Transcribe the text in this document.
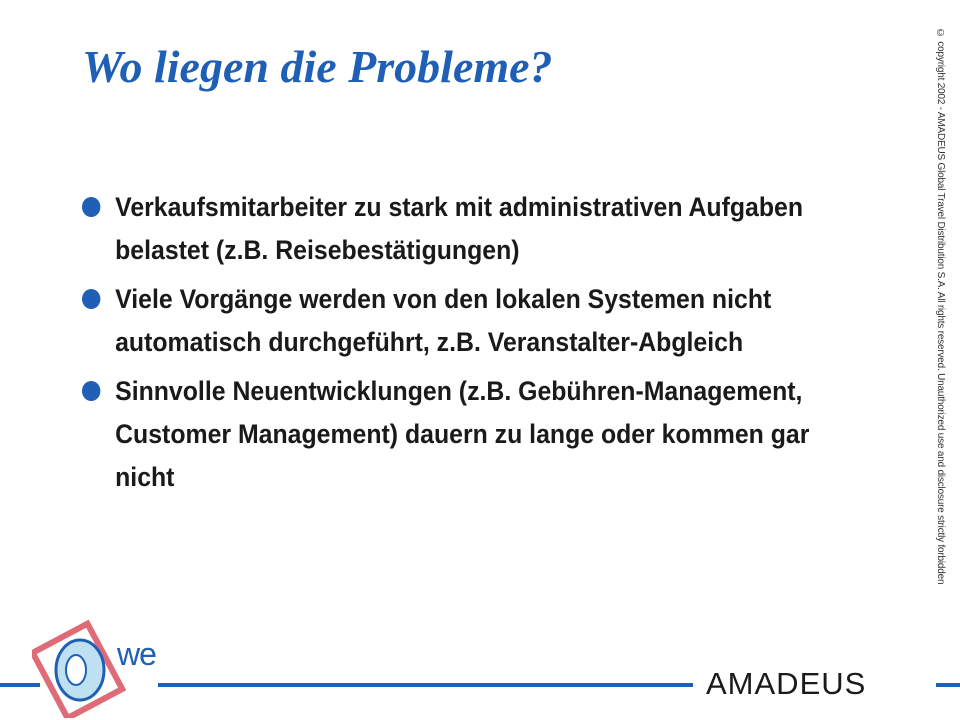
Wo liegen die Probleme?
Verkaufsmitarbeiter zu stark mit administrativen Aufgaben belastet (z.B. Reisebestätigungen)
Viele Vorgänge werden von den lokalen Systemen nicht automatisch durchgeführt, z.B. Veranstalter-Abgleich
Sinnvolle Neuentwicklungen (z.B. Gebühren-Management, Customer Management) dauern zu lange oder kommen gar nicht	© copyright 2002 - AMADEUS Global Travel Distribution S.A. All rights reserved. Unauthorized use and disclosure strictly forbidden
we
amadeus
